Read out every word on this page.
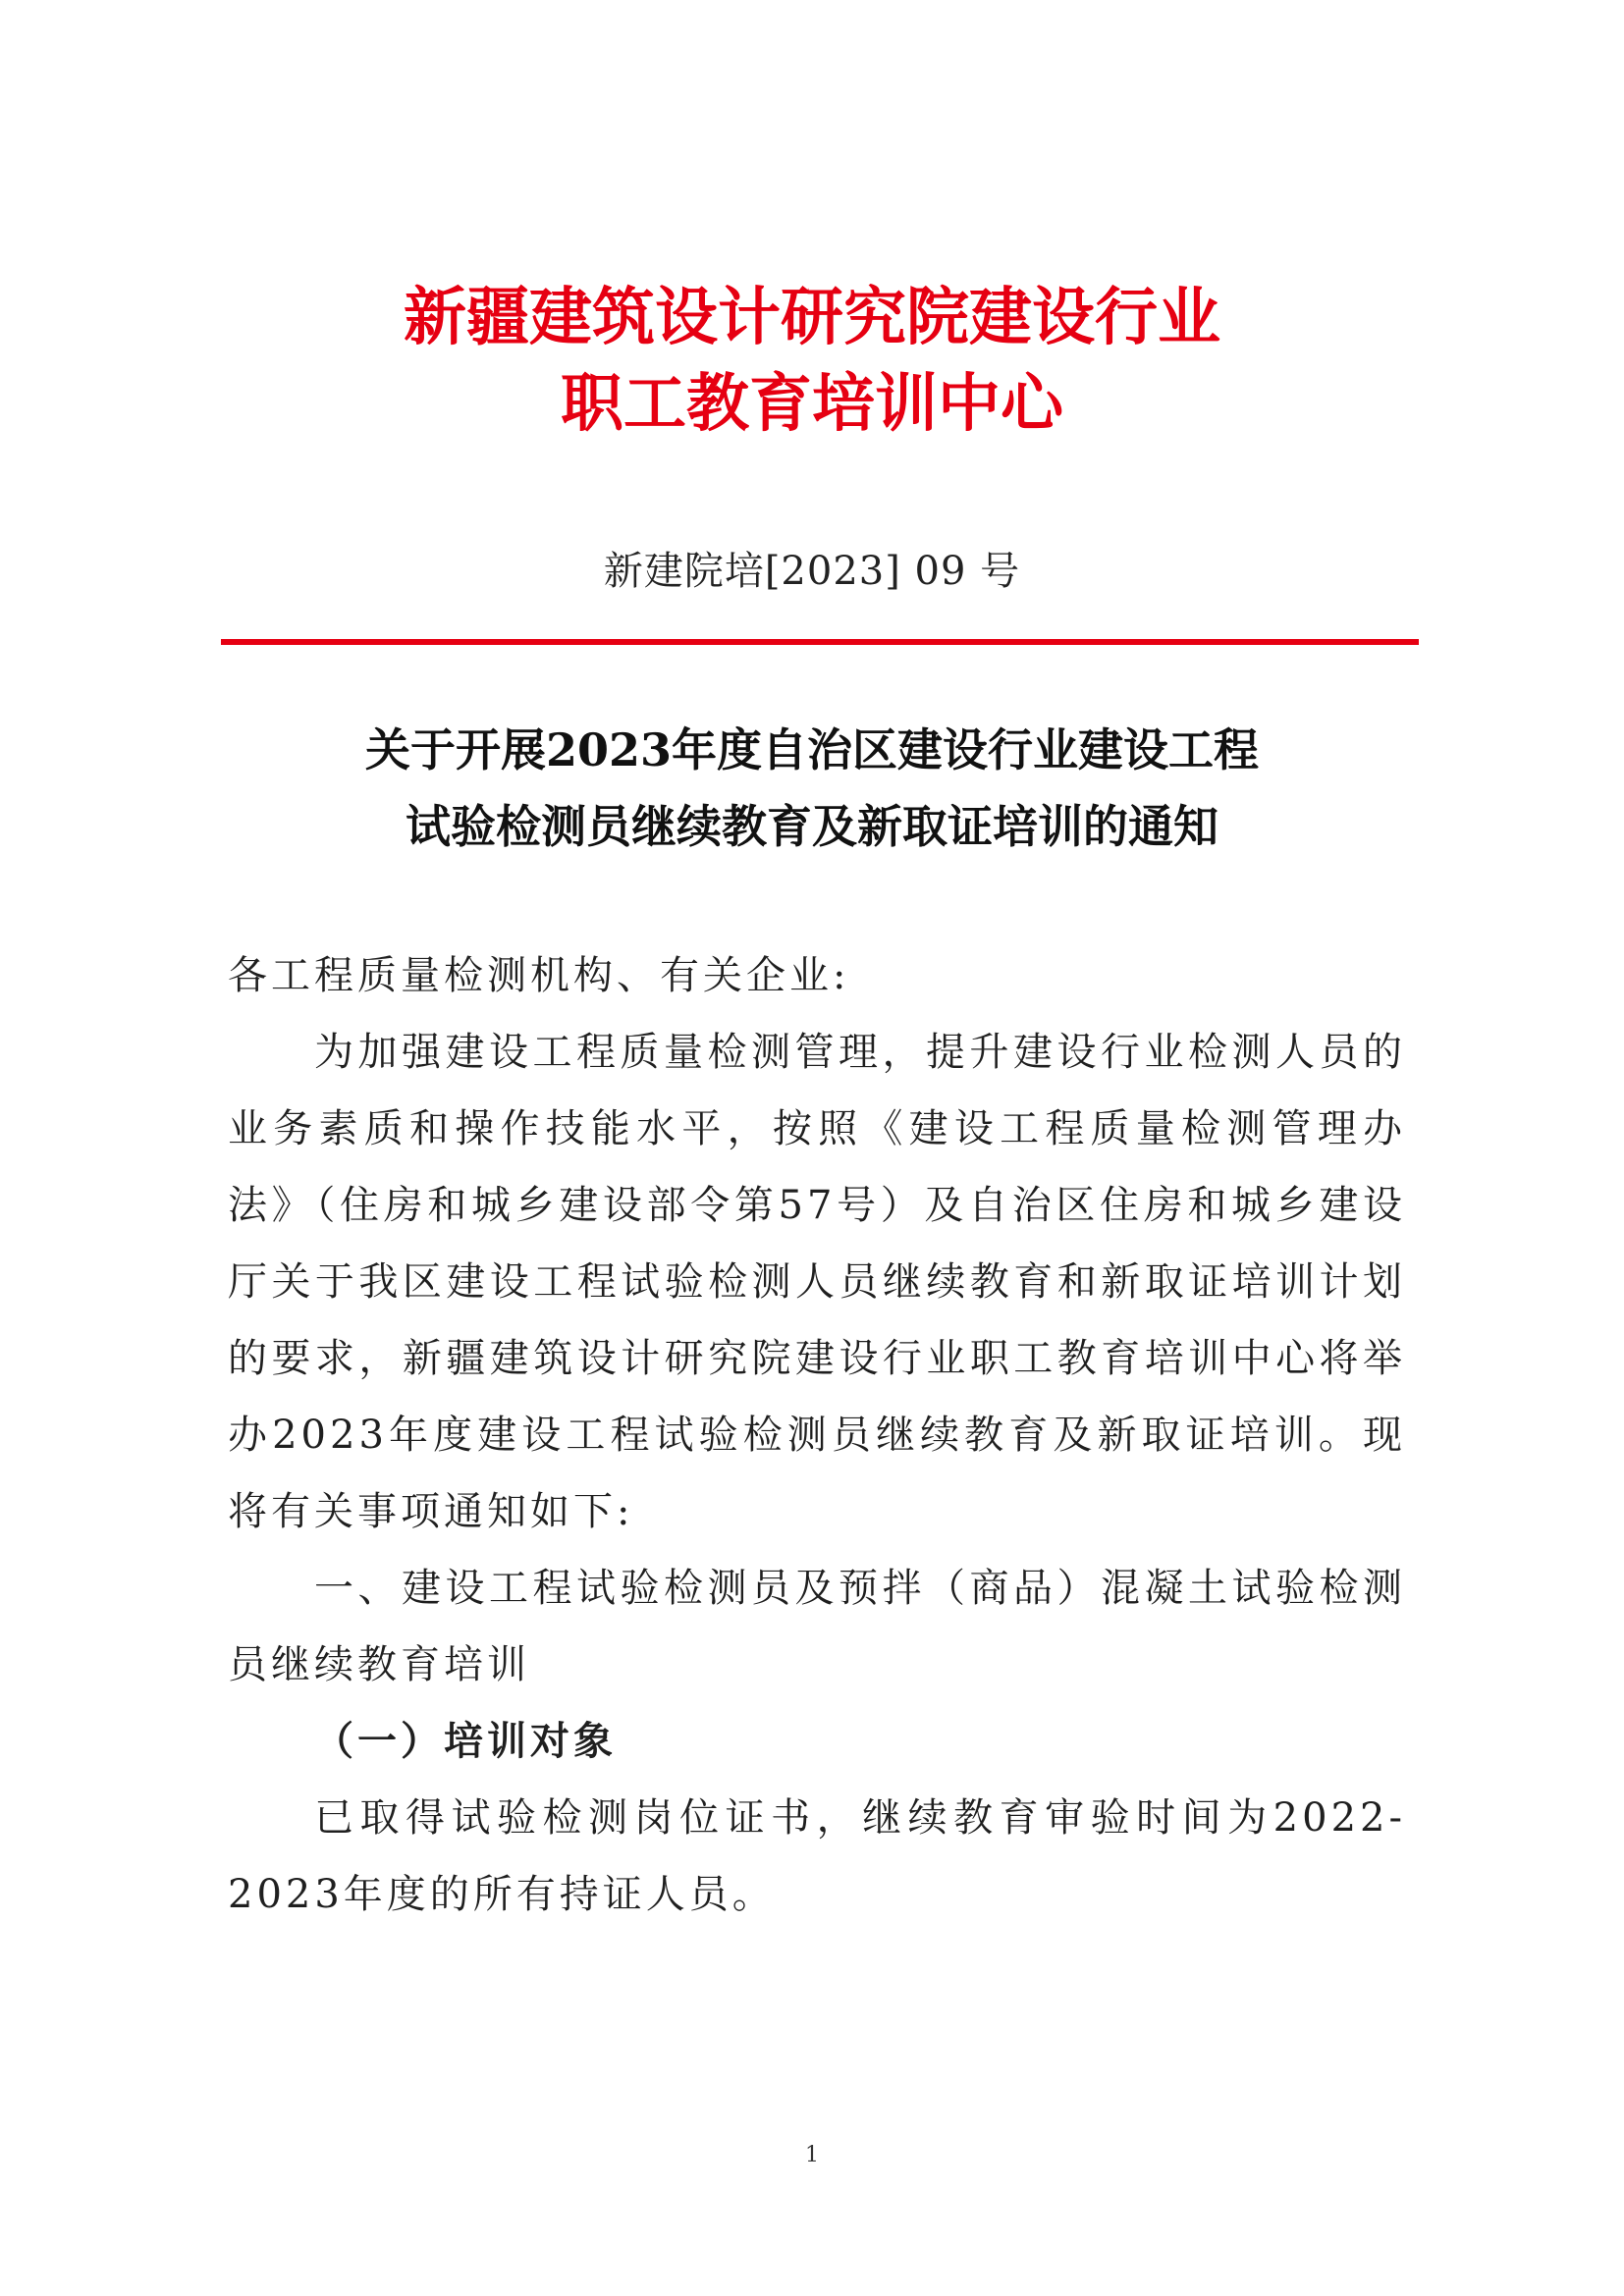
新疆建筑设计研究院建设行业
职工教育培训中心
新建院培[2023] 09 号
关于开展2023年度自治区建设行业建设工程
试验检测员继续教育及新取证培训的通知

各工程质量检测机构、有关企业:

为加强建设工程质量检测管理，提升建设行业检测人员的业务素质和操作技能水平，按照《建设工程质量检测管理办法》（住房和城乡建设部令第57号）及自治区住房和城乡建设厅关于我区建设工程试验检测人员继续教育和新取证培训计划的要求，新疆建筑设计研究院建设行业职工教育培训中心将举办2023年度建设工程试验检测员继续教育及新取证培训。现将有关事项通知如下:

一、建设工程试验检测员及预拌（商品）混凝土试验检测员继续教育培训

（一）培训对象

已取得试验检测岗位证书，继续教育审验时间为2022-2023年度的所有持证人员。

1
